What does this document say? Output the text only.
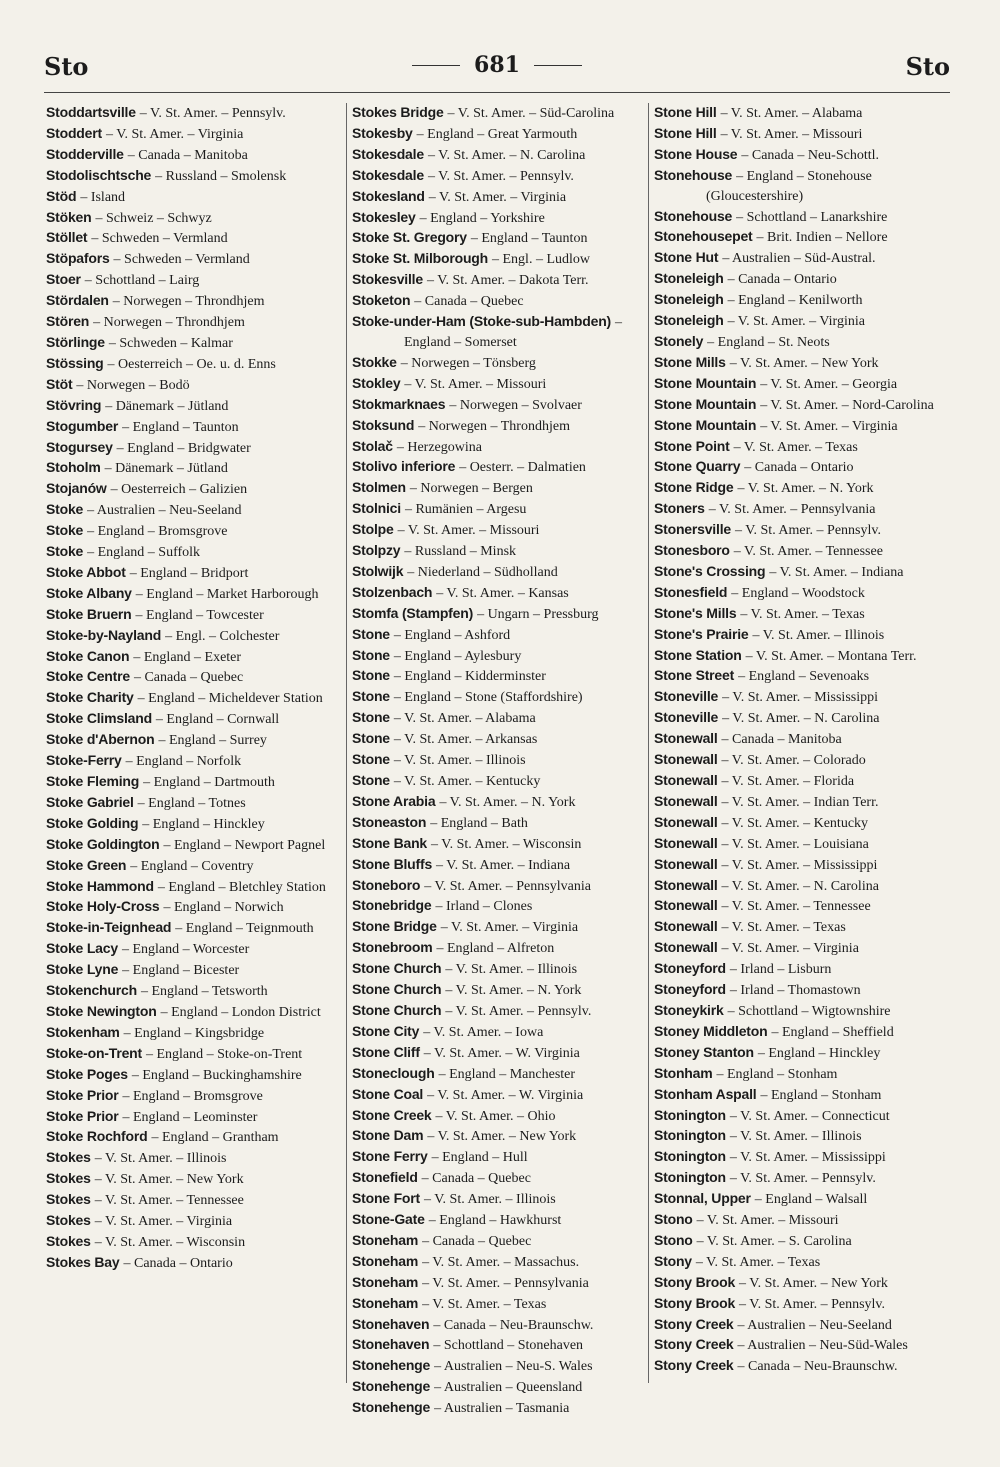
Sto	681	Sto

Stoddartsville – V. St. Amer. – Pennsylv.

Stoddert – V. St. Amer. – Virginia

Stodderville – Canada – Manitoba

Stodolischtsche – Russland – Smolensk

Stöd – Island

Stöken – Schweiz – Schwyz

Stöllet – Schweden – Vermland

Stöpafors – Schweden – Vermland

Stoer – Schottland – Lairg

Stördalen – Norwegen – Throndhjem

Stören – Norwegen – Throndhjem

Störlinge – Schweden – Kalmar

Stössing – Oesterreich – Oe. u. d. Enns

Stöt – Norwegen – Bodö

Stövring – Dänemark – Jütland

Stogumber – England – Taunton

Stogursey – England – Bridgwater

Stoholm – Dänemark – Jütland

Stojanów – Oesterreich – Galizien

Stoke – Australien – Neu-Seeland

Stoke – England – Bromsgrove

Stoke – England – Suffolk

Stoke Abbot – England – Bridport

Stoke Albany – England – Market Harborough

Stoke Bruern – England – Towcester

Stoke-by-Nayland – Engl. – Colchester

Stoke Canon – England – Exeter

Stoke Centre – Canada – Quebec

Stoke Charity – England – Micheldever Station

Stoke Climsland – England – Cornwall

Stoke d'Abernon – England – Surrey

Stoke-Ferry – England – Norfolk

Stoke Fleming – England – Dartmouth

Stoke Gabriel – England – Totnes

Stoke Golding – England – Hinckley

Stoke Goldington – England – Newport Pagnel

Stoke Green – England – Coventry

Stoke Hammond – England – Bletchley Station

Stoke Holy-Cross – England – Norwich

Stoke-in-Teignhead – England – Teignmouth

Stoke Lacy – England – Worcester

Stoke Lyne – England – Bicester

Stokenchurch – England – Tetsworth

Stoke Newington – England – London District

Stokenham – England – Kingsbridge

Stoke-on-Trent – England – Stoke-on-Trent

Stoke Poges – England – Buckinghamshire

Stoke Prior – England – Bromsgrove

Stoke Prior – England – Leominster

Stoke Rochford – England – Grantham

Stokes – V. St. Amer. – Illinois

Stokes – V. St. Amer. – New York

Stokes – V. St. Amer. – Tennessee

Stokes – V. St. Amer. – Virginia

Stokes – V. St. Amer. – Wisconsin

Stokes Bay – Canada – Ontario

Stokes Bridge – V. St. Amer. – Süd-Carolina

Stokesby – England – Great Yarmouth

Stokesdale – V. St. Amer. – N. Carolina

Stokesdale – V. St. Amer. – Pennsylv.

Stokesland – V. St. Amer. – Virginia

Stokesley – England – Yorkshire

Stoke St. Gregory – England – Taunton

Stoke St. Milborough – Engl. – Ludlow

Stokesville – V. St. Amer. – Dakota Terr.

Stoketon – Canada – Quebec

Stoke-under-Ham (Stoke-sub-Hambden) – England – Somerset

Stokke – Norwegen – Tönsberg

Stokley – V. St. Amer. – Missouri

Stokmarknaes – Norwegen – Svolvaer

Stoksund – Norwegen – Throndhjem

Stolač – Herzegowina

Stolivo inferiore – Oesterr. – Dalmatien

Stolmen – Norwegen – Bergen

Stolnici – Rumänien – Argesu

Stolpe – V. St. Amer. – Missouri

Stolpzy – Russland – Minsk

Stolwijk – Niederland – Südholland

Stolzenbach – V. St. Amer. – Kansas

Stomfa (Stampfen) – Ungarn – Pressburg

Stone – England – Ashford

Stone – England – Aylesbury

Stone – England – Kidderminster

Stone – England – Stone (Staffordshire)

Stone – V. St. Amer. – Alabama

Stone – V. St. Amer. – Arkansas

Stone – V. St. Amer. – Illinois

Stone – V. St. Amer. – Kentucky

Stone Arabia – V. St. Amer. – N. York

Stoneaston – England – Bath

Stone Bank – V. St. Amer. – Wisconsin

Stone Bluffs – V. St. Amer. – Indiana

Stoneboro – V. St. Amer. – Pennsylvania

Stonebridge – Irland – Clones

Stone Bridge – V. St. Amer. – Virginia

Stonebroom – England – Alfreton

Stone Church – V. St. Amer. – Illinois

Stone Church – V. St. Amer. – N. York

Stone Church – V. St. Amer. – Pennsylv.

Stone City – V. St. Amer. – Iowa

Stone Cliff – V. St. Amer. – W. Virginia

Stoneclough – England – Manchester

Stone Coal – V. St. Amer. – W. Virginia

Stone Creek – V. St. Amer. – Ohio

Stone Dam – V. St. Amer. – New York

Stone Ferry – England – Hull

Stonefield – Canada – Quebec

Stone Fort – V. St. Amer. – Illinois

Stone-Gate – England – Hawkhurst

Stoneham – Canada – Quebec

Stoneham – V. St. Amer. – Massachus.

Stoneham – V. St. Amer. – Pennsylvania

Stoneham – V. St. Amer. – Texas

Stonehaven – Canada – Neu-Braunschw.

Stonehaven – Schottland – Stonehaven

Stonehenge – Australien – Neu-S. Wales

Stonehenge – Australien – Queensland

Stonehenge – Australien – Tasmania

Stone Hill – V. St. Amer. – Alabama

Stone Hill – V. St. Amer. – Missouri

Stone House – Canada – Neu-Schottl.

Stonehouse – England – Stonehouse (Gloucestershire)

Stonehouse – Schottland – Lanarkshire

Stonehousepet – Brit. Indien – Nellore

Stone Hut – Australien – Süd-Austral.

Stoneleigh – Canada – Ontario

Stoneleigh – England – Kenilworth

Stoneleigh – V. St. Amer. – Virginia

Stonely – England – St. Neots

Stone Mills – V. St. Amer. – New York

Stone Mountain – V. St. Amer. – Georgia

Stone Mountain – V. St. Amer. – Nord-Carolina

Stone Mountain – V. St. Amer. – Virginia

Stone Point – V. St. Amer. – Texas

Stone Quarry – Canada – Ontario

Stone Ridge – V. St. Amer. – N. York

Stoners – V. St. Amer. – Pennsylvania

Stonersville – V. St. Amer. – Pennsylv.

Stonesboro – V. St. Amer. – Tennessee

Stone's Crossing – V. St. Amer. – Indiana

Stonesfield – England – Woodstock

Stone's Mills – V. St. Amer. – Texas

Stone's Prairie – V. St. Amer. – Illinois

Stone Station – V. St. Amer. – Montana Terr.

Stone Street – England – Sevenoaks

Stoneville – V. St. Amer. – Mississippi

Stoneville – V. St. Amer. – N. Carolina

Stonewall – Canada – Manitoba

Stonewall – V. St. Amer. – Colorado

Stonewall – V. St. Amer. – Florida

Stonewall – V. St. Amer. – Indian Terr.

Stonewall – V. St. Amer. – Kentucky

Stonewall – V. St. Amer. – Louisiana

Stonewall – V. St. Amer. – Mississippi

Stonewall – V. St. Amer. – N. Carolina

Stonewall – V. St. Amer. – Tennessee

Stonewall – V. St. Amer. – Texas

Stonewall – V. St. Amer. – Virginia

Stoneyford – Irland – Lisburn

Stoneyford – Irland – Thomastown

Stoneykirk – Schottland – Wigtownshire

Stoney Middleton – England – Sheffield

Stoney Stanton – England – Hinckley

Stonham – England – Stonham

Stonham Aspall – England – Stonham

Stonington – V. St. Amer. – Connecticut

Stonington – V. St. Amer. – Illinois

Stonington – V. St. Amer. – Mississippi

Stonington – V. St. Amer. – Pennsylv.

Stonnal, Upper – England – Walsall

Stono – V. St. Amer. – Missouri

Stono – V. St. Amer. – S. Carolina

Stony – V. St. Amer. – Texas

Stony Brook – V. St. Amer. – New York

Stony Brook – V. St. Amer. – Pennsylv.

Stony Creek – Australien – Neu-Seeland

Stony Creek – Australien – Neu-Süd-Wales

Stony Creek – Canada – Neu-Braunschw.
